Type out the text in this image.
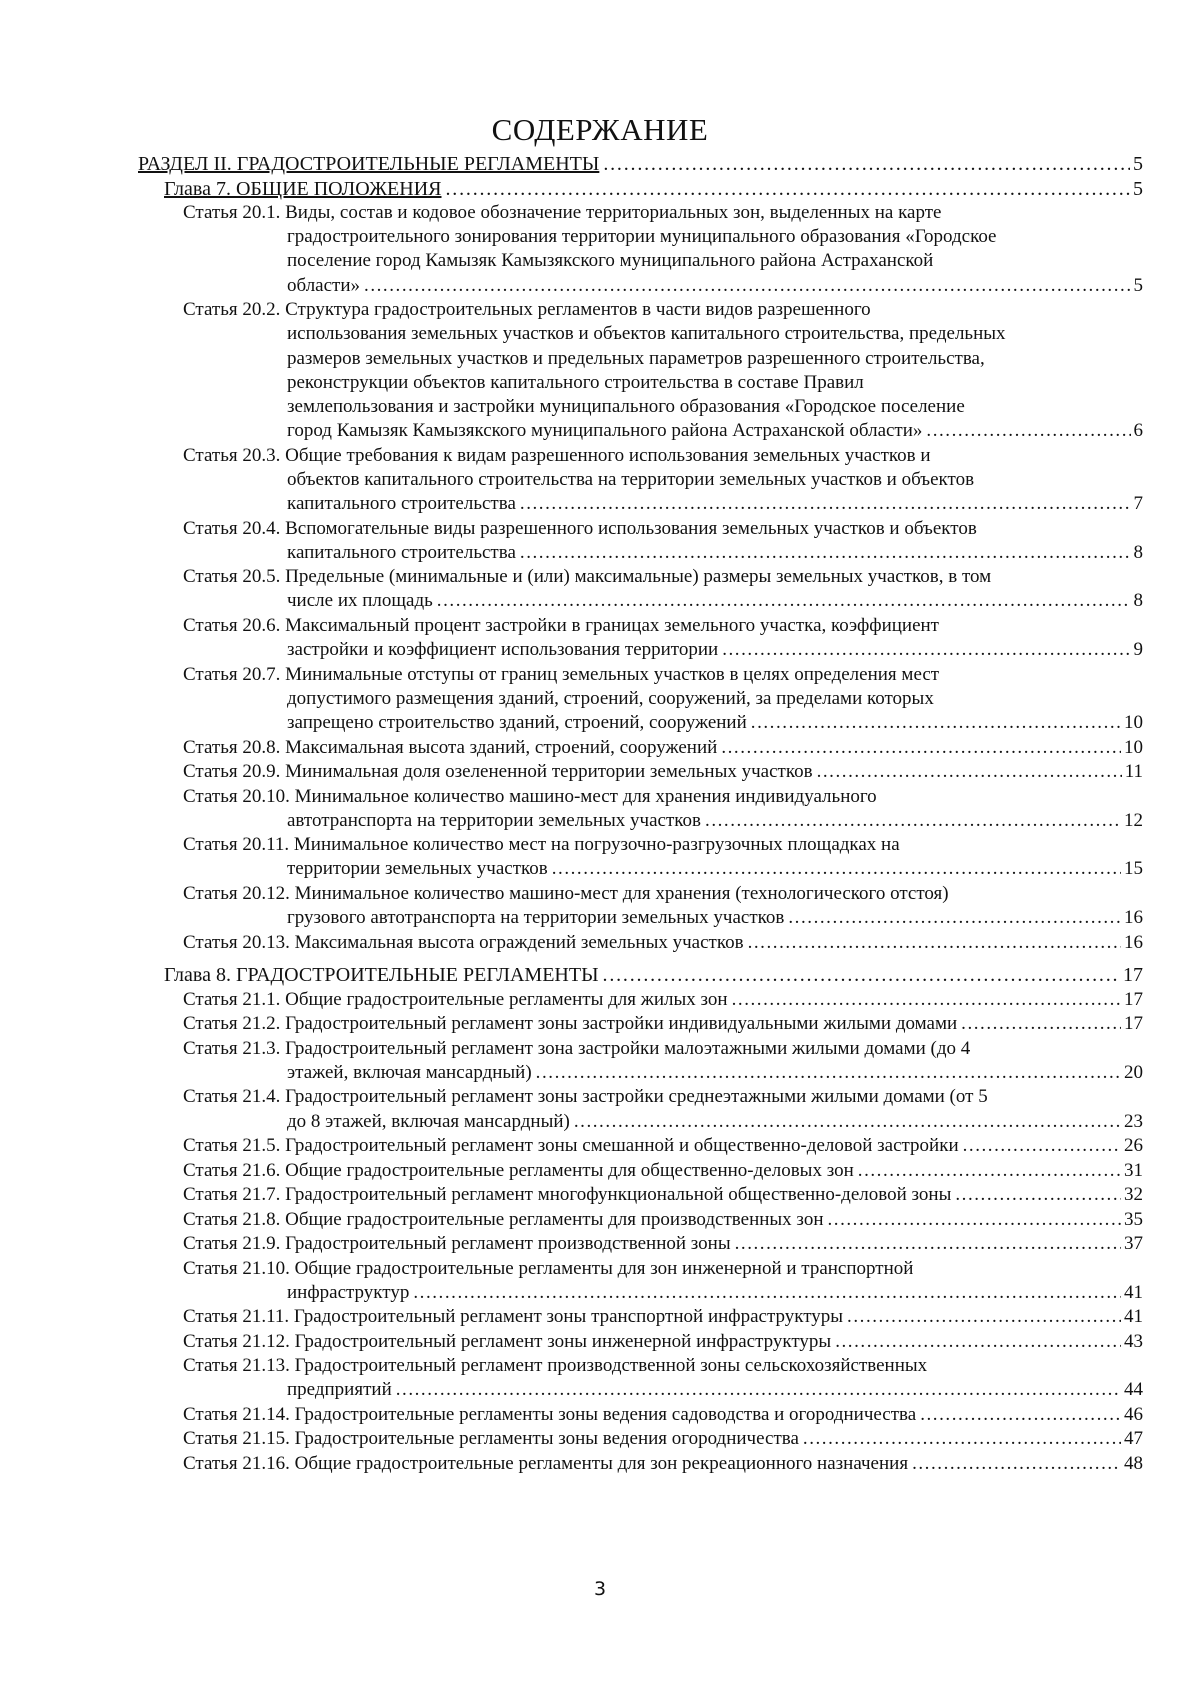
СОДЕРЖАНИЕ
РАЗДЕЛ II. ГРАДОСТРОИТЕЛЬНЫЕ РЕГЛАМЕНТЫ . . .	5
Глава 7. ОБЩИЕ ПОЛОЖЕНИЯ . . .	5
Статья 20.1. Виды, состав и кодовое обозначение территориальных зон, выделенных на карте
градостроительного зонирования территории муниципального образования «Городское
поселение город Камызяк Камызякского муниципального района Астраханской
области» . . .	5
Статья 20.2. Структура градостроительных регламентов в части видов разрешенного
использования земельных участков и объектов капитального строительства, предельных
размеров земельных участков и предельных параметров разрешенного строительства,
реконструкции объектов капитального строительства в составе Правил
землепользования и застройки муниципального образования «Городское поселение
город Камызяк Камызякского муниципального района Астраханской области» . . .	6
Статья 20.3. Общие требования к видам разрешенного использования земельных участков и
объектов капитального строительства на территории земельных участков и объектов
капитального строительства . . .	7
Статья 20.4. Вспомогательные виды разрешенного использования земельных участков и объектов
капитального строительства . . .	8
Статья 20.5. Предельные (минимальные и (или) максимальные) размеры земельных участков, в том
числе их площадь . . .	8
Статья 20.6. Максимальный процент застройки в границах земельного участка, коэффициент
застройки и коэффициент использования территории . . .	9
Статья 20.7. Минимальные отступы от границ земельных участков в целях определения мест
допустимого размещения зданий, строений, сооружений, за пределами которых
запрещено строительство зданий, строений, сооружений . . .	10
Статья 20.8. Максимальная высота зданий, строений, сооружений . . .	10
Статья 20.9. Минимальная доля озелененной территории земельных участков . . .	11
Статья 20.10. Минимальное количество машино-мест для хранения индивидуального
автотранспорта на территории земельных участков . . .	12
Статья 20.11. Минимальное количество мест на погрузочно-разгрузочных площадках на
территории земельных участков . . .	15
Статья 20.12. Минимальное количество машино-мест для хранения (технологического отстоя)
грузового автотранспорта на территории земельных участков . . .	16
Статья 20.13. Максимальная высота ограждений земельных участков . . .	16
Глава 8. ГРАДОСТРОИТЕЛЬНЫЕ РЕГЛАМЕНТЫ . . .	17
Статья 21.1. Общие градостроительные регламенты для жилых зон . . .	17
Статья 21.2. Градостроительный регламент зоны застройки индивидуальными жилыми домами . . .	17
Статья 21.3. Градостроительный регламент зона застройки малоэтажными жилыми домами (до 4
этажей, включая мансардный) . . .	20
Статья 21.4. Градостроительный регламент зоны застройки среднеэтажными жилыми домами (от 5
до 8 этажей, включая мансардный) . . .	23
Статья 21.5. Градостроительный регламент зоны смешанной и общественно-деловой застройки . . .	26
Статья 21.6. Общие градостроительные регламенты для общественно-деловых зон . . .	31
Статья 21.7. Градостроительный регламент многофункциональной общественно-деловой зоны . . .	32
Статья 21.8. Общие градостроительные регламенты для производственных зон . . .	35
Статья 21.9. Градостроительный регламент производственной зоны . . .	37
Статья 21.10. Общие градостроительные регламенты для зон инженерной и транспортной
инфраструктур . . .	41
Статья 21.11. Градостроительный регламент зоны транспортной инфраструктуры . . .	41
Статья 21.12. Градостроительный регламент зоны инженерной инфраструктуры . . .	43
Статья 21.13. Градостроительный регламент производственной зоны сельскохозяйственных
предприятий . . .	44
Статья 21.14. Градостроительные регламенты зоны ведения садоводства и огородничества . . .	46
Статья 21.15. Градостроительные регламенты зоны ведения огородничества . . .	47
Статья 21.16. Общие градостроительные регламенты для зон рекреационного назначения . . .	48
3
